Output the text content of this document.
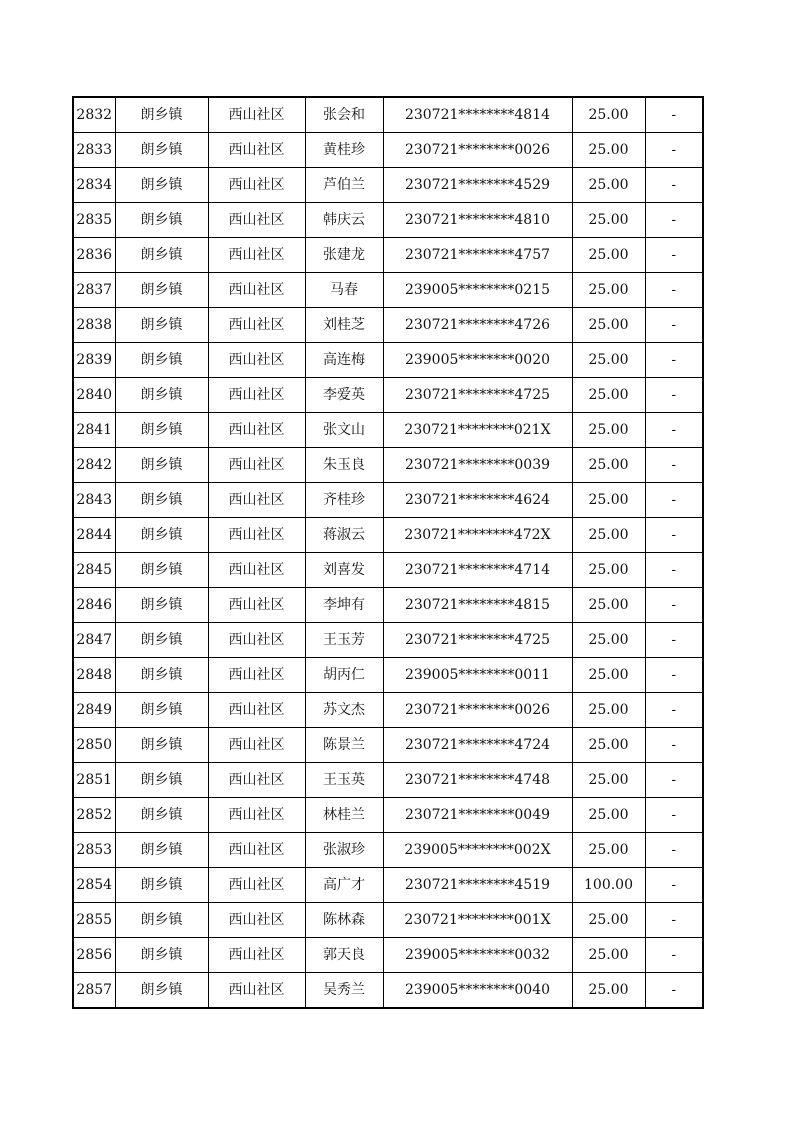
2832	朗乡镇	西山社区	张会和	230721********4814	25.00	-
2833	朗乡镇	西山社区	黄桂珍	230721********0026	25.00	-
2834	朗乡镇	西山社区	芦伯兰	230721********4529	25.00	-
2835	朗乡镇	西山社区	韩庆云	230721********4810	25.00	-
2836	朗乡镇	西山社区	张建龙	230721********4757	25.00	-
2837	朗乡镇	西山社区	马春	239005********0215	25.00	-
2838	朗乡镇	西山社区	刘桂芝	230721********4726	25.00	-
2839	朗乡镇	西山社区	高连梅	239005********0020	25.00	-
2840	朗乡镇	西山社区	李爱英	230721********4725	25.00	-
2841	朗乡镇	西山社区	张文山	230721********021X	25.00	-
2842	朗乡镇	西山社区	朱玉良	230721********0039	25.00	-
2843	朗乡镇	西山社区	齐桂珍	230721********4624	25.00	-
2844	朗乡镇	西山社区	蒋淑云	230721********472X	25.00	-
2845	朗乡镇	西山社区	刘喜发	230721********4714	25.00	-
2846	朗乡镇	西山社区	李坤有	230721********4815	25.00	-
2847	朗乡镇	西山社区	王玉芳	230721********4725	25.00	-
2848	朗乡镇	西山社区	胡丙仁	239005********0011	25.00	-
2849	朗乡镇	西山社区	苏文杰	230721********0026	25.00	-
2850	朗乡镇	西山社区	陈景兰	230721********4724	25.00	-
2851	朗乡镇	西山社区	王玉英	230721********4748	25.00	-
2852	朗乡镇	西山社区	林桂兰	230721********0049	25.00	-
2853	朗乡镇	西山社区	张淑珍	239005********002X	25.00	-
2854	朗乡镇	西山社区	高广才	230721********4519	100.00	-
2855	朗乡镇	西山社区	陈林森	230721********001X	25.00	-
2856	朗乡镇	西山社区	郭天良	239005********0032	25.00	-
2857	朗乡镇	西山社区	吴秀兰	239005********0040	25.00	-
